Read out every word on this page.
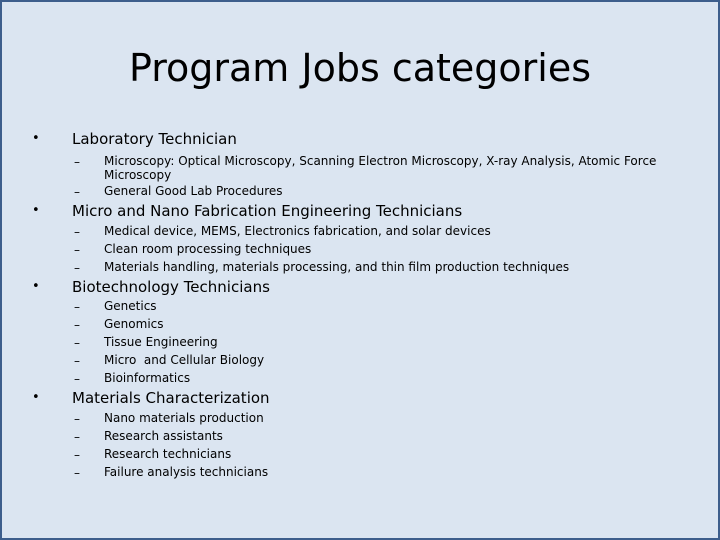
Program Jobs categories
• Laboratory Technician
– Microscopy: Optical Microscopy, Scanning Electron Microscopy, X-ray Analysis, Atomic Force Microscopy
– General Good Lab Procedures
• Micro and Nano Fabrication Engineering Technicians
– Medical device, MEMS, Electronics fabrication, and solar devices
– Clean room processing techniques
– Materials handling, materials processing, and thin film production techniques
• Biotechnology Technicians
– Genetics
– Genomics
– Tissue Engineering
– Micro  and Cellular Biology
– Bioinformatics
• Materials Characterization
– Nano materials production
– Research assistants
– Research technicians
– Failure analysis technicians
